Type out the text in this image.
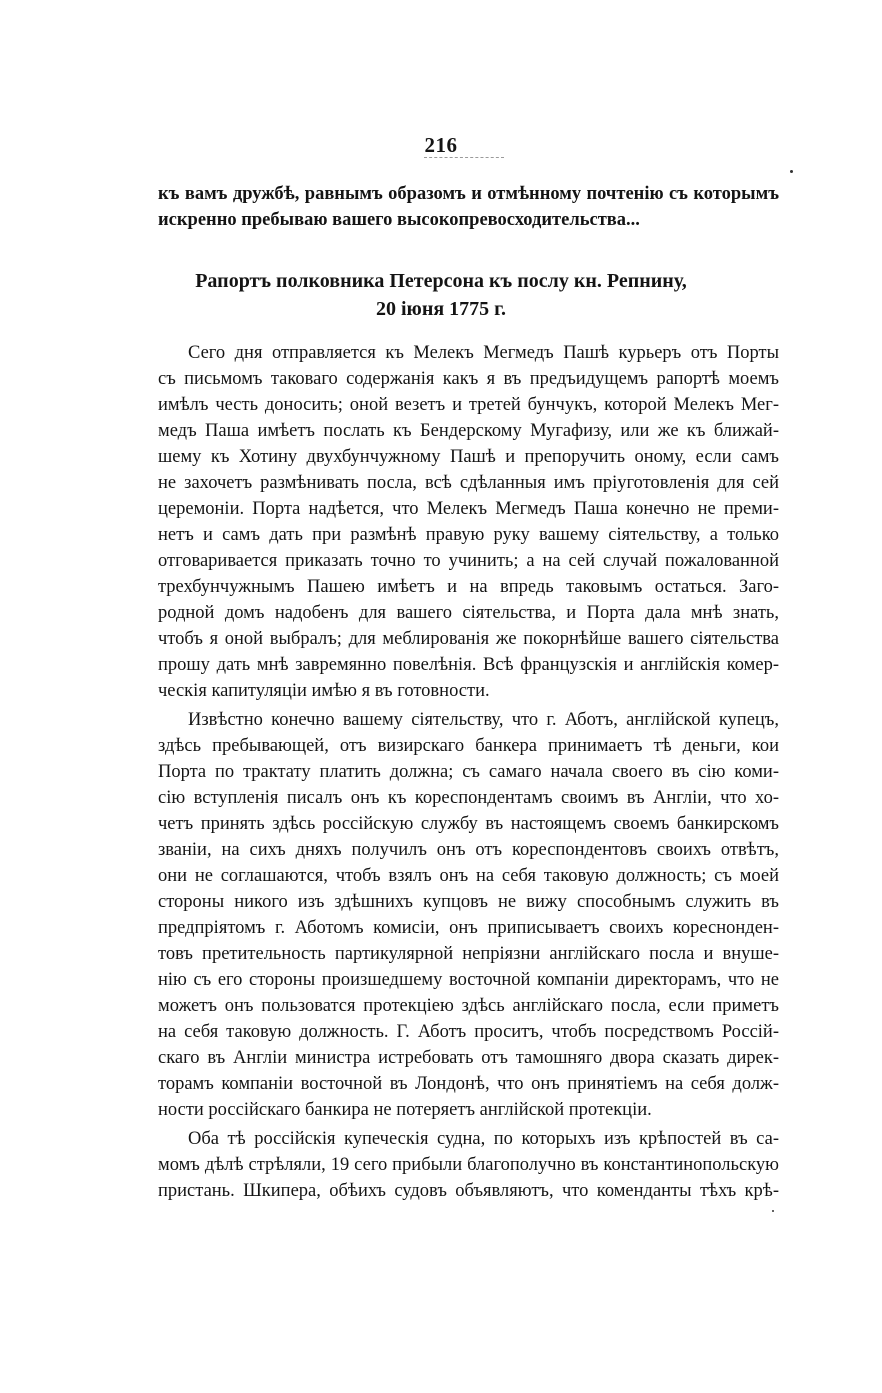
216
къ вамъ дружбѣ, равнымъ образомъ и отмѣнному почтенію съ которымъ
искренно пребываю вашего высокопревосходительства...
Рапортъ полковника Петерсона къ послу кн. Репнину,
20 іюня 1775 г.
Сего дня отправляется къ Мелекъ Мегмедъ Пашѣ курьеръ отъ Порты
съ письмомъ таковаго содержанія какъ я въ предъидущемъ рапортѣ моемъ
имѣлъ честь доносить; оной везетъ и третей бунчукъ, которой Мелекъ Мег-
медъ Паша имѣетъ послать къ Бендерскому Мугафизу, или же къ ближай-
шему къ Хотину двухбунчужному Пашѣ и препоручить оному, если самъ
не захочетъ размѣнивать посла, всѣ сдѣланныя имъ пріуготовленія для сей
церемоніи. Порта надѣется, что Мелекъ Мегмедъ Паша конечно не преми-
нетъ и самъ дать при размѣнѣ правую руку вашему сіятельству, а только
отговаривается приказать точно то учинить; а на сей случай пожалованной
трехбунчужнымъ Пашею имѣетъ и на впредь таковымъ остаться. Заго-
родной домъ надобенъ для вашего сіятельства, и Порта дала мнѣ знать,
чтобъ я оной выбралъ; для меблированія же покорнѣйше вашего сіятельства
прошу дать мнѣ завремянно повелѣнія. Всѣ французскія и англійскія комер-
ческія капитуляціи имѣю я въ готовности.
Извѣстно конечно вашему сіятельству, что г. Аботъ, англійской купецъ,
здѣсь пребывающей, отъ визирскаго банкера принимаетъ тѣ деньги, кои
Порта по трактату платить должна; съ самаго начала своего въ сію коми-
сію вступленія писалъ онъ къ кореспондентамъ своимъ въ Англіи, что хо-
четъ принять здѣсь россійскую службу въ настоящемъ своемъ банкирскомъ
званіи, на сихъ дняхъ получилъ онъ отъ кореспондентовъ своихъ отвѣтъ,
они не соглашаются, чтобъ взялъ онъ на себя таковую должность; съ моей
стороны никого изъ здѣшнихъ купцовъ не вижу способнымъ служить въ
предпріятомъ г. Аботомъ комисіи, онъ приписываетъ своихъ кореснонден-
товъ претительность партикулярной непріязни англійскаго посла и внуше-
нію съ его стороны произшедшему восточной компаніи директорамъ, что не
можетъ онъ пользоватся протекціею здѣсь англійскаго посла, если приметъ
на себя таковую должность. Г. Аботъ проситъ, чтобъ посредствомъ Россій-
скаго въ Англіи министра истребовать отъ тамошняго двора сказать дирек-
торамъ компаніи восточной въ Лондонѣ, что онъ принятіемъ на себя долж-
ности россійскаго банкира не потеряетъ англійской протекціи.
Оба тѣ россійскія купеческія судна, по которыхъ изъ крѣпостей въ са-
момъ дѣлѣ стрѣляли, 19 сего прибыли благополучно въ константинопольскую
пристань. Шкипера, обѣихъ судовъ объявляютъ, что коменданты тѣхъ крѣ-
